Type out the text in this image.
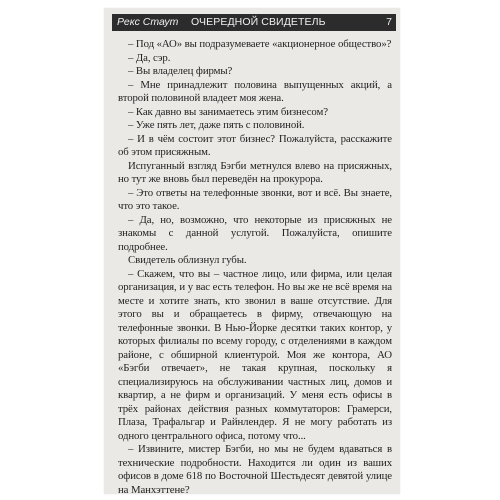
Рекс Стаут ОЧЕРЕДНОЙ СВИДЕТЕЛЬ	7

– Под «АО» вы подразумеваете «акционерное общество»?

– Да, сэр.

– Вы владелец фирмы?

– Мне принадлежит половина выпущенных акций, а второй половиной владеет моя жена.

– Как давно вы занимаетесь этим бизнесом?

– Уже пять лет, даже пять с половиной.

– И в чём состоит этот бизнес? Пожалуйста, расскажите об этом присяжным.

Испуганный взгляд Бэгби метнулся влево на присяжных, но тут же вновь был переведён на прокурора.

– Это ответы на телефонные звонки, вот и всё. Вы знаете, что это такое.

– Да, но, возможно, что некоторые из присяжных не знакомы с данной услугой. Пожалуйста, опишите подробнее.

Свидетель облизнул губы.

– Скажем, что вы – частное лицо, или фирма, или целая организация, и у вас есть телефон. Но вы же не всё время на месте и хотите знать, кто звонил в ваше отсутствие. Для этого вы и обращаетесь в фирму, отвечающую на телефонные звонки. В Нью-Йорке десятки таких контор, у которых филиалы по всему городу, с отделениями в каждом районе, с обширной клиентурой. Моя же контора, АО «Бэгби отвечает», не такая крупная, поскольку я специализируюсь на обслуживании частных лиц, домов и квартир, а не фирм и организаций. У меня есть офисы в трёх районах действия разных коммутаторов: Грамерси, Плаза, Трафальгар и Райнлендер. Я не могу работать из одного центрального офиса, потому что...

– Извините, мистер Бэгби, но мы не будем вдаваться в технические подробности. Находится ли один из ваших офисов в доме 618 по Восточной Шестьдесят девятой улице на Манхэттене?
